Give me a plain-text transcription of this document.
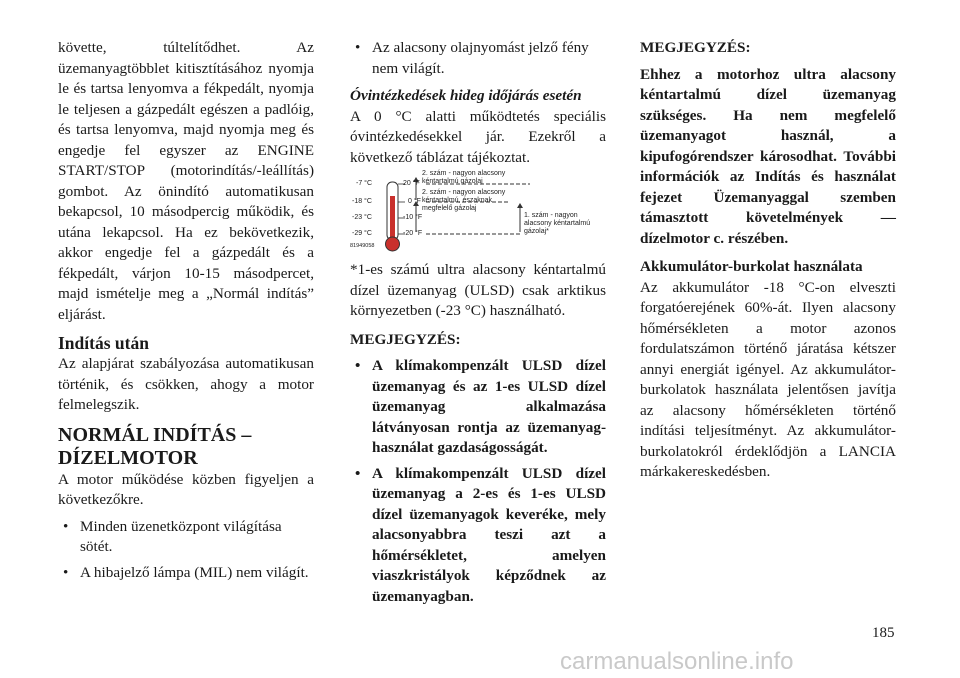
követte, túltelítődhet. Az üzemanyagtöbblet kitisztításához nyomja le és tartsa lenyomva a fékpedált, nyomja le teljesen a gázpedált egészen a padlóig, és tartsa lenyomva, majd nyomja meg és engedje fel egyszer az ENGINE START/STOP (motorindítás/-leállítás) gombot. Az önindító automatikusan bekapcsol, 10 másodpercig működik, és utána lekapcsol. Ha ez bekövetkezik, akkor engedje fel a gázpedált és a fékpedált, várjon 10-15 másodpercet, majd ismételje meg a „Normál indítás” eljárást.

Indítás után

Az alapjárat szabályozása automatikusan történik, és csökken, ahogy a motor felmelegszik.

NORMÁL INDÍTÁS – DÍZELMOTOR

A motor működése közben figyeljen a következőkre.

• Minden üzenetközpont világítása sötét.
• A hibajelző lámpa (MIL) nem világít.
• Az alacsony olajnyomást jelző fény nem világít.
Óvintézkedések hideg időjárás esetén

A 0 °C alatti működtetés speciális óvintézkedésekkel jár. Ezekről a következő táblázat tájékoztat.

-7 °C
-18 °C
-23 °C
-29 °C
81949058
20 °F
0 °F
-10 °F
-20 °F
2. szám - nagyon alacsony kéntartalmú gázolaj
2. szám - nagyon alacsony kéntartalmú, északnak megfelelő gázolaj
1. szám - nagyon alacsony kéntartalmú gázolaj*

*1-es számú ultra alacsony kéntartalmú dízel üzemanyag (ULSD) csak arktikus környezetben (-23 °C) használható.

MEGJEGYZÉS:
• A klímakompenzált ULSD dízel üzemanyag és az 1-es ULSD dízel üzemanyag alkalmazása látványosan rontja az üzemanyag-használat gazdaságosságát.
• A klímakompenzált ULSD dízel üzemanyag a 2-es és 1-es ULSD dízel üzemanyagok keveréke, mely alacsonyabbra teszi azt a hőmérsékletet, amelyen viaszkristályok képződnek az üzemanyagban.
MEGJEGYZÉS:

Ehhez a motorhoz ultra alacsony kéntartalmú dízel üzemanyag szükséges. Ha nem megfelelő üzemanyagot használ, a kipufogórendszer károsodhat. További információk az Indítás és használat fejezet Üzemanyaggal szemben támasztott követelmények — dízelmotor c. részében.

Akkumulátor-burkolat használata

Az akkumulátor -18 °C-on elveszti forgatóerejének 60%-át. Ilyen alacsony hőmérsékleten a motor azonos fordulatszámon történő járatása kétszer annyi energiát igényel. Az akkumulátor-burkolatok használata jelentősen javítja az alacsony hőmérsékleten történő indítási teljesítményt. Az akkumulátor-burkolatokról érdeklődjön a LANCIA márkakereskedésben.

185
carmanualsonline.info
